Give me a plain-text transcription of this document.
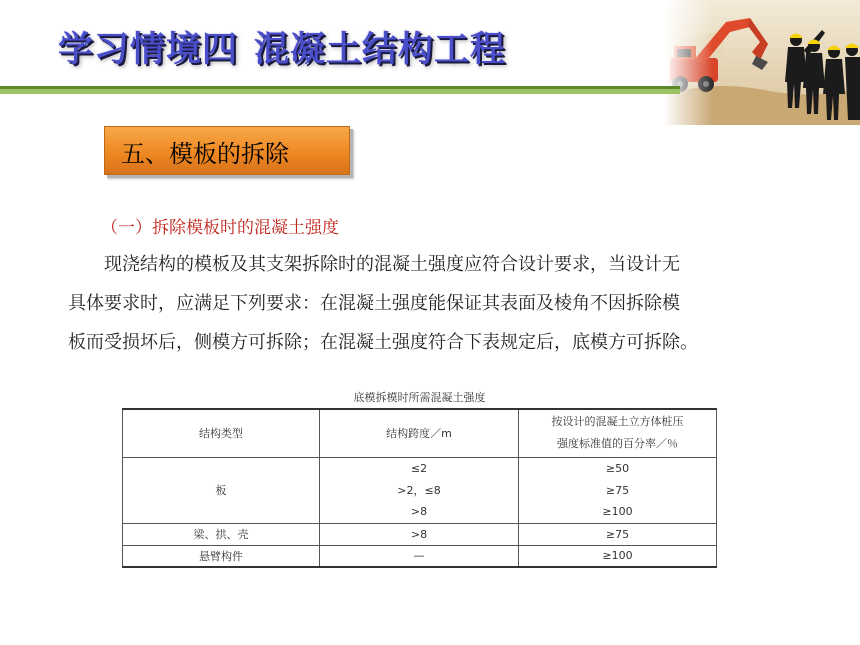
学习情境四 混凝土结构工程
五、模板的拆除
（一）拆除模板时的混凝土强度
现浇结构的模板及其支架拆除时的混凝土强度应符合设计要求，当设计无
具体要求时，应满足下列要求：在混凝土强度能保证其表面及棱角不因拆除模
板而受损坏后，侧模方可拆除；在混凝土强度符合下表规定后，底模方可拆除。
底模拆模时所需混凝土强度
结构类型	结构跨度／m	按设计的混凝土立方体桩压
强度标准值的百分率／％

板	≤2	≥50
	>2，≤8	≥75
	>8	≥100
梁、拱、壳	>8	≥75
悬臂构件	—	≥100
